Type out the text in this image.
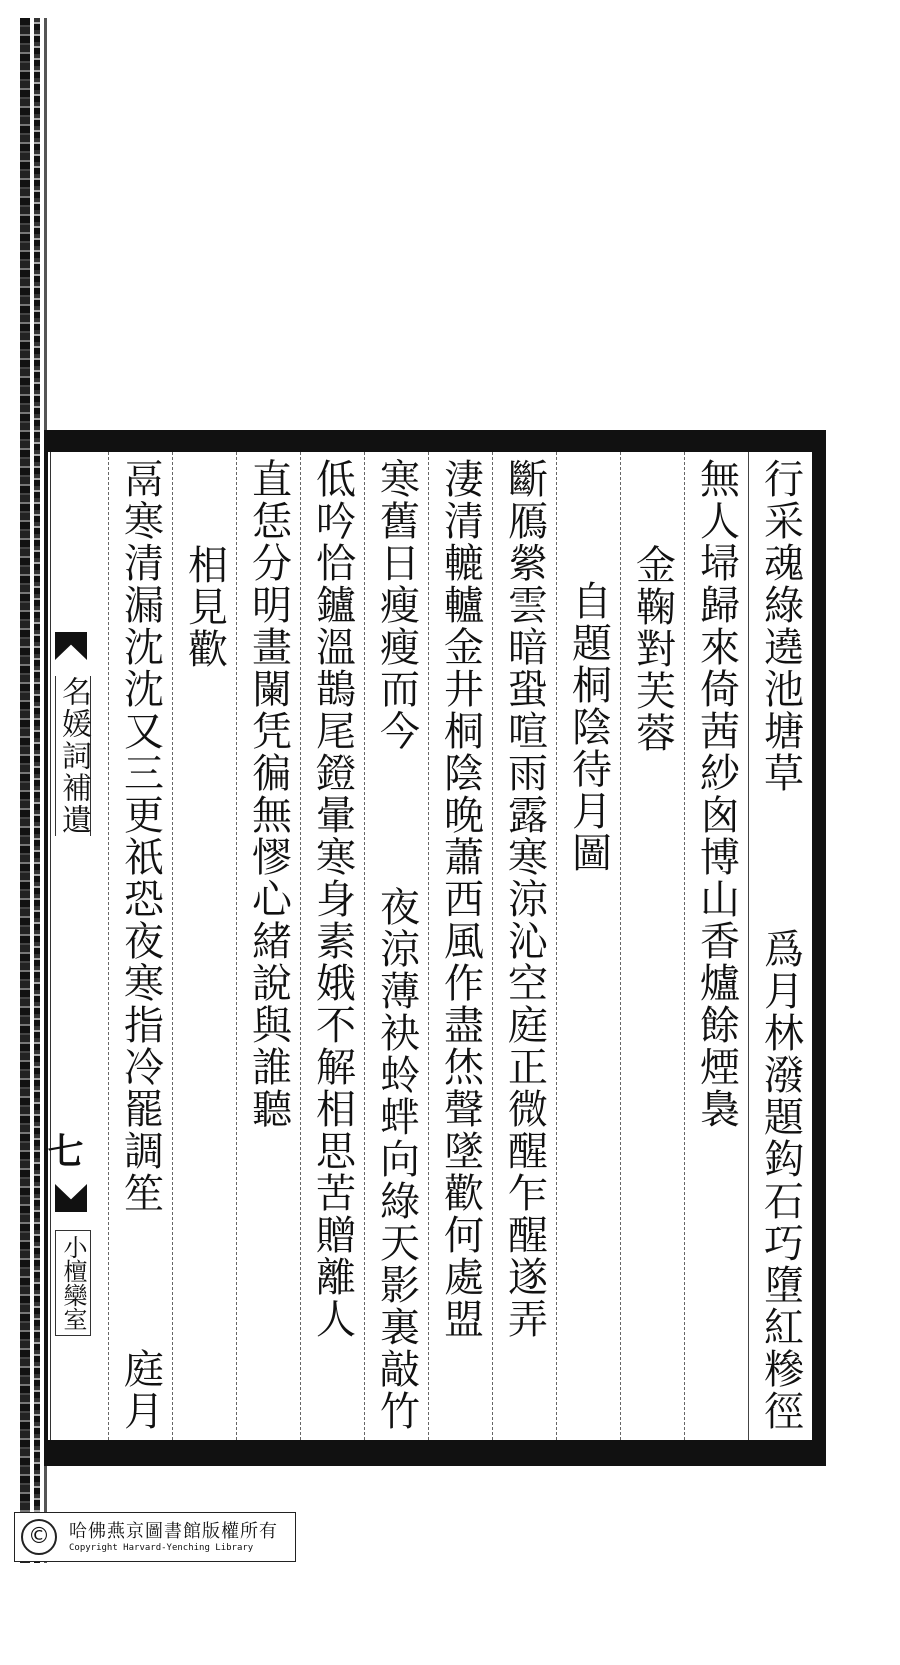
行采魂綠遶池塘草
爲月林潑題鈎石巧墮紅糝徑
無人埽歸來倚茜紗囪博山香爐餘煙裊
金鞠對芙蓉
自題桐陰待月圖
斷鴈縈雲暗蛩喧雨露寒涼沁空庭正微醒乍醒遂弄
淒清轆轤金井桐陰晚蕭西風作盡烋聲墜歡何處盟
寒舊日瘦瘦而今
夜涼薄袂蛉蝆向綠天影裏敲竹
低吟恰鑪溫鵲尾鐙暈寒身素娥不解相思苦贈離人
直恁分明畫闌凭徧無憀心緒說與誰聽
相見歡
鬲寒清漏沈沈又三更祇恐夜寒指冷罷調笙
庭月
名媛詞補遺
七
小檀欒室
©	哈佛燕京圖書館版權所有
Copyright Harvard-Yenching Library
